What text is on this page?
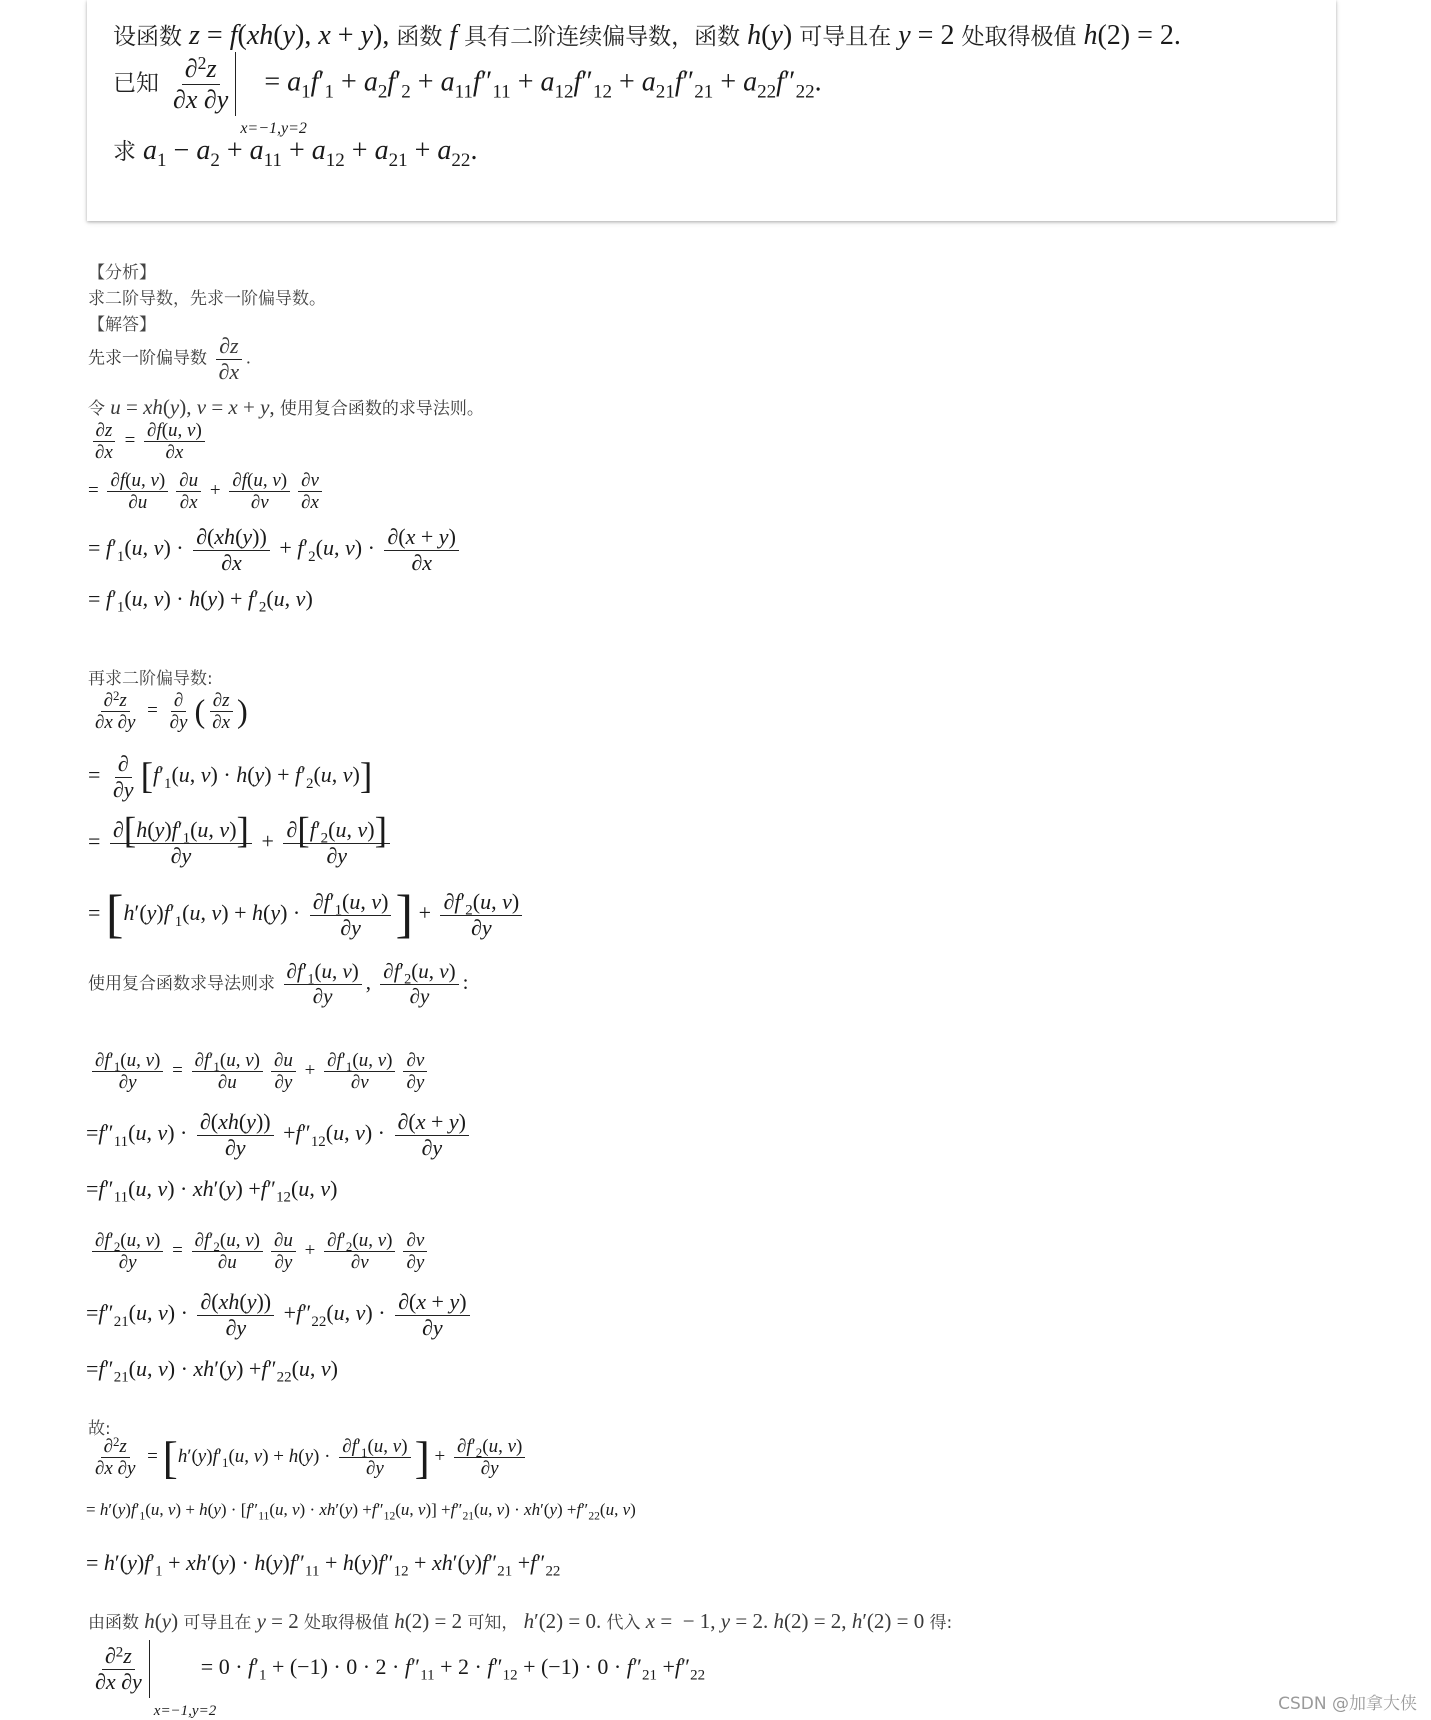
设函数 z = f(xh(y), x + y), 函数 f 具有二阶连续偏导数，函数 h(y) 可导且在 y = 2 处取得极值 h(2) = 2.
已知 $\frac{\partial^2z}{\partial x \partial y}$
x=−1,y=2
= $a_1f'_1 + a_2f'_2 + a_{11}f''_{11} + a_{12}f''_{12} + a_{21}f''_{21} + a_{22}f''_{22}$.
求 $a_1 - a_2 + a_{11} + a_{12} + a_{21} + a_{22}$.
【分析】
求二阶导数，先求一阶偏导数。
【解答】
先求一阶偏导数 $\frac{\partial z}{\partial x}$ .
令 u = xh(y), v = x + y, 使用复合函数的求导法则。
$\frac{\partial z}{\partial x} = \frac{\partial f(u, v)}{\partial x}$
= $\frac{\partial f(u, v)}{\partial u} \frac{\partial u}{\partial x} + \frac{\partial f(u, v)}{\partial v} \frac{\partial v}{\partial x}$
= $f'_1(u$, $v) \cdot \frac{\partial(xh(y))}{\partial x} + f'_2(u$, $v) \cdot \frac{\partial(x + y)}{\partial x}$
= $f'_1(u$, $v) \cdot h(y) + f'_2(u$, v)
再求二阶偏导数:
$\frac{\partial^2z}{\partial x \partial y} = \frac{\partial}{\partial y}$ ( $\frac{\partial z}{\partial x}$ )
= $\frac{\partial}{\partial y} [f'_1(u$, $v) \cdot h(y) + f'_2(u$, v)]
= $\frac{\partial[h(y)f'_1(u, v)]}{\partial y} + \frac{\partial[f'_2(u, v)]}{\partial y}$
= [$h'(y)f'_1(u$, $v) + h(y) \cdot \frac{\partial f'_1(u, v)}{\partial y}$ ] + $\frac{\partial f'_2(u, v)}{\partial y}$
使用复合函数求导法则求 $\frac{\partial f'_1(u, v)}{\partial y}$ , $\frac{\partial f'_2(u, v)}{\partial y}$ :
$\frac{\partial f'_1(u, v)}{\partial y} = \frac{\partial f'_1(u, v)}{\partial u} \frac{\partial u}{\partial y} + \frac{\partial f'_1(u, v)}{\partial v} \frac{\partial v}{\partial y}$
$=f''_{11}(u$, $v) \cdot \frac{\partial(xh(y))}{\partial y} +f''_{12}(u$, $v) \cdot \frac{\partial(x + y)}{\partial y}$
$=f''_{11}(u$, $v) \cdot xh'(y) +f''_{12}(u$, v)
$\frac{\partial f'_2(u, v)}{\partial y} = \frac{\partial f'_2(u, v)}{\partial u} \frac{\partial u}{\partial y} + \frac{\partial f'_2(u, v)}{\partial v} \frac{\partial v}{\partial y}$
$=f''_{21}(u$, $v) \cdot \frac{\partial(xh(y))}{\partial y} +f''_{22}(u$, $v) \cdot \frac{\partial(x + y)}{\partial y}$
$=f''_{21}(u$, $v) \cdot xh'(y) +f''_{22}(u$, v)
故:
$\frac{\partial^2z}{\partial x \partial y} = [h'(y)f'_1(u$, $v) + h(y) \cdot \frac{\partial f'_1(u, v)}{\partial y}$ ] + $\frac{\partial f'_2(u, v)}{\partial y}$
= $h'(y)f'_1(u$, $v) + h(y) \cdot [f''_{11}(u$, $v) \cdot xh'(y) +f''_{12}(u$, $v)] +f''_{21}(u$, $v) \cdot xh'(y) +f''_{22}(u$, v)
= $h'(y)f'_1 + xh'(y) \cdot h(y)f''_{11} + h(y)f''_{12} + xh'(y)f''_{21} +f''_{22}$
由函数 h(y) 可导且在 y = 2 处取得极值 h(2) = 2 可知， h′(2) = 0. 代入 x =  − 1, y = 2. h(2) = 2, h′(2) = 0 得:
$\frac{\partial^2z}{\partial x \partial y}$
x=−1,y=2
= $0 \cdot f'_1 + (-1) \cdot 0 \cdot 2 \cdot f''_{11} + 2 \cdot f''_{12} + (-1) \cdot 0 \cdot f''_{21} +f''_{22}$
CSDN @加拿大侠
